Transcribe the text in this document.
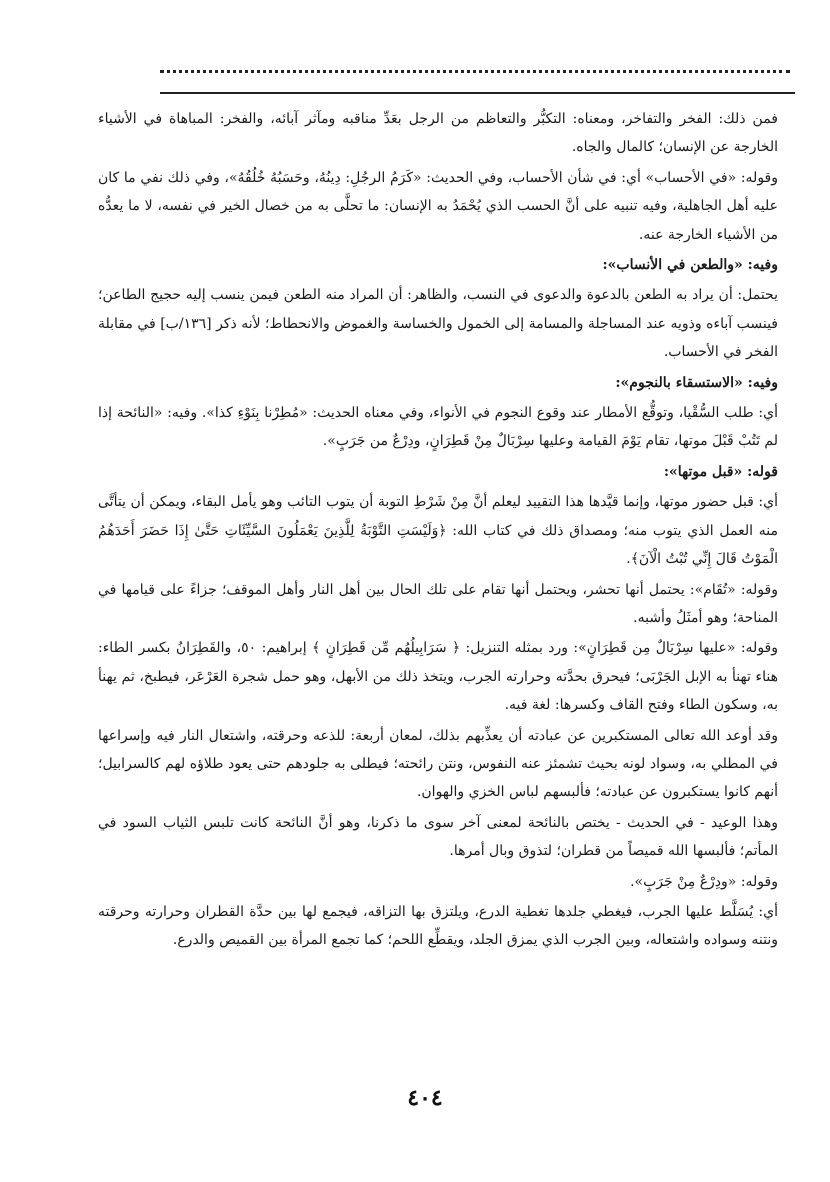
فمن ذلك: الفخر والتفاخر، ومعناه: التكبُّر والتعاظم من الرجل بعَدِّ مناقبه ومآثر آبائه، والفخر: المباهاة في الأشياء الخارجة عن الإنسان؛ كالمال والجاه.

وقوله: «في الأحساب» أي: في شأن الأحساب، وفي الحديث: «كَرَمُ الرجُلِ: دِينُهُ، وحَسَبُهُ خُلُقُهُ»، وفي ذلك نفي ما كان عليه أهل الجاهلية، وفيه تنبيه على أنَّ الحسب الذي يُحْمَدُ به الإنسان: ما تحلَّى به من خصال الخير في نفسه، لا ما يعدُّه من الأشياء الخارجة عنه.

وفيه: «والطعن في الأنساب»:

يحتمل: أن يراد به الطعن بالدعوة والدعوى في النسب، والظاهر: أن المراد منه الطعن فيمن ينسب إليه حجيج الطاعن؛ فينسب آباءه وذويه عند المساجلة والمسامة إلى الخمول والخساسة والغموض والانحطاط؛ لأنه ذكر [١٣٦/ب] في مقابلة الفخر في الأحساب.

وفيه: «الاستسقاء بالنجوم»:

أي: طلب السُّقْيا، وتوقُّع الأمطار عند وقوع النجوم في الأنواء، وفي معناه الحديث: «مُطِرْنا بِنَوْءِ كذا». وفيه: «النائحة إذا لم تَتُبْ قَبْلَ موتها، تقام يَوْمَ القيامة وعليها سِرْبَالٌ مِنْ قَطِرَانٍ، ودِرْعٌ من جَرَبٍ».

قوله: «قبل موتها»:

أي: قبل حضور موتها، وإنما قيَّدها هذا التقييد ليعلم أنَّ مِنْ شَرْطِ التوبة أن يتوب التائب وهو يأمل البقاء، ويمكن أن يتأتَّى منه العمل الذي يتوب منه؛ ومصداق ذلك في كتاب الله: ﴿وَلَيْسَتِ التَّوْبَةُ لِلَّذِينَ يَعْمَلُونَ السَّيِّئَاتِ حَتَّىٰ إِذَا حَضَرَ أَحَدَهُمُ الْمَوْتُ قَالَ إِنِّي تُبْتُ الْآنَ﴾.

وقوله: «تُقَام»: يحتمل أنها تحشر، ويحتمل أنها تقام على تلك الحال بين أهل النار وأهل الموقف؛ جزاءً على قيامها في المناحة؛ وهو أمثَلُ وأشبه.

وقوله: «عليها سِرْبَالٌ مِن قَطِرَانٍ»: ورد بمثله التنزيل: ﴿ سَرَابِيلُهُم مِّن قَطِرَانٍ ﴾ إبراهيم: ٥٠، والقَطِرَانُ بكسر الطاء: هناء تهنأ به الإبل الجَرْبَى؛ فيحرق بحدَّته وحرارته الجرب، ويتخذ ذلك من الأبهل، وهو حمل شجرة العَرْعَر، فيطبخ، ثم يهنأ به، وسكون الطاء وفتح القاف وكسرها: لغة فيه.

وقد أوعد الله تعالى المستكبرين عن عبادته أن يعذِّبهم بذلك، لمعان أربعة: للذعه وحرقته، واشتعال النار فيه وإسراعها في المطلي به، وسواد لونه بحيث تشمئز عنه النفوس، ونتن رائحته؛ فيطلى به جلودهم حتى يعود طلاؤه لهم كالسرابيل؛ أنهم كانوا يستكبرون عن عبادته؛ فألبسهم لباس الخزي والهوان.

وهذا الوعيد - في الحديث - يختص بالنائحة لمعنى آخر سوى ما ذكرنا، وهو أنَّ النائحة كانت تلبس الثياب السود في المأتم؛ فألبسها الله قميصاً من قطران؛ لتذوق وبال أمرها.

وقوله: «ودِرْعٌ مِنْ جَرَبٍ».

أي: يُسَلَّط عليها الجرب، فيغطي جلدها تغطية الدرع، ويلتزق بها التزاقه، فيجمع لها بين حدَّة القطران وحرارته وحرقته ونتنه وسواده واشتعاله، وبين الجرب الذي يمزق الجلد، ويقطِّع اللحم؛ كما تجمع المرأة بين القميص والدرع.

٤٠٤
